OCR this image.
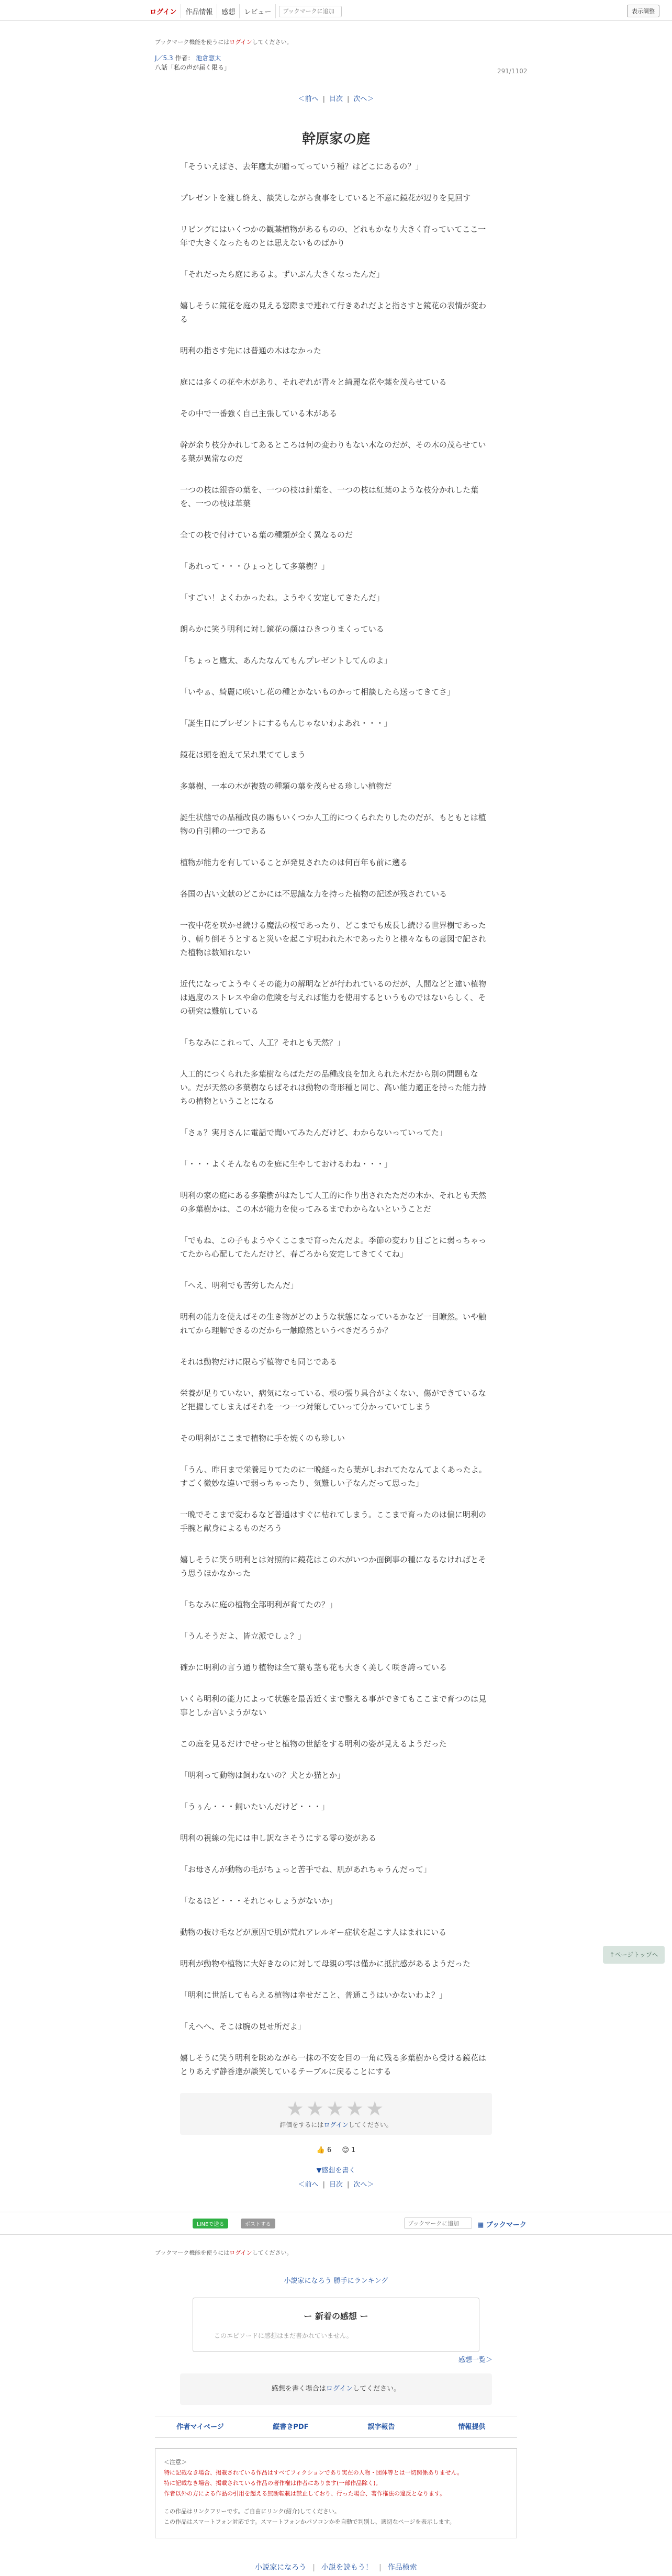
ログイン	作品情報	感想	レビュー
ブックマークに追加	表示調整
ブックマーク機能を使うにはログインしてください。
J／5.3 作者： 池倉惣太
八話「私の声が届く限る」
＜前へ | 目次 | 次へ＞
291/1102
幹原家の庭

「そういえばさ、去年鷹太が贈ってっていう種？はどこにあるの？」

プレゼントを渡し終え、談笑しながら食事をしていると不意に鏡花が辺りを見回す

リビングにはいくつかの観葉植物があるものの、どれもかなり大きく育っていてここ一年で大きくなったものとは思えないものばかり

「それだったら庭にあるよ。ずいぶん大きくなったんだ」

嬉しそうに鏡花を庭の見える窓際まで連れて行きあれだよと指さすと鏡花の表情が変わる

明利の指さす先には普通の木はなかった

庭には多くの花や木があり、それぞれが青々と綺麗な花や葉を茂らせている

その中で一番強く自己主張している木がある

幹が余り枝分かれしてあるところは何の変わりもない木なのだが、その木の茂らせている葉が異常なのだ

一つの枝は銀杏の葉を、一つの枝は針葉を、一つの枝は紅葉のような枝分かれした葉を、一つの枝は革葉

全ての枝で付けている葉の種類が全く異なるのだ

「あれって・・・ひょっとして多葉樹？」

「すごい！よくわかったね。ようやく安定してきたんだ」

朗らかに笑う明利に対し鏡花の顔はひきつりまくっている

「ちょっと鷹太、あんたなんてもんプレゼントしてんのよ」

「いやぁ、綺麗に咲いし花の種とかないものかって相談したら送ってきてさ」

「誕生日にプレゼントにするもんじゃないわよあれ・・・」

鏡花は頭を抱えて呆れ果ててしまう

多葉樹、一本の木が複数の種類の葉を茂らせる珍しい植物だ

誕生状態での品種改良の賜もいくつか人工的につくられたりしたのだが、もともとは植物の自引種の一つである

植物が能力を有していることが発見されたのは何百年も前に遡る

各国の古い文献のどこかには不思議な力を持った植物の記述が残されている

一夜中花を咲かせ続ける魔法の桜であったり、どこまでも成長し続ける世界樹であったり、斬り倒そうとすると災いを起こす呪われた木であったりと様々なもの意図で記された植物は数知れない

近代になってようやくその能力の解明などが行われているのだが、人間などと違い植物は過度のストレスや命の危険を与えれば能力を使用するというものではないらしく、その研究は難航している

「ちなみにこれって、人工？それとも天然？」

人工的につくられた多葉樹ならばただの品種改良を加えられた木だから別の問題もない。だが天然の多葉樹ならばそれは動物の奇形種と同じ、高い能力適正を持った能力持ちの植物ということになる

「さぁ？実月さんに電話で聞いてみたんだけど、わからないっていってた」

「・・・よくそんなものを庭に生やしておけるわね・・・」

明利の家の庭にある多葉樹がはたして人工的に作り出されたただの木か、それとも天然の多葉樹かは、この木が能力を使ってみるまでわからないということだ

「でもね、この子もようやくここまで育ったんだよ。季節の変わり目ごとに弱っちゃってたから心配してたんだけど、春ごろから安定してきてくてね」

「へえ、明利でも苦労したんだ」

明利の能力を使えばその生き物がどのような状態になっているかなど一目瞭然。いや触れてから理解できるのだから一触瞭然というべきだろうか？

それは動物だけに限らず植物でも同じである

栄養が足りていない、病気になっている、根の張り具合がよくない、傷ができているなど把握してしまえばそれを一つ一つ対策していって分かっていてしまう

その明利がここまで植物に手を焼くのも珍しい

「うん、昨日まで栄養足りてたのに一晩経ったら葉がしおれてたなんてよくあったよ。すごく微妙な違いで弱っちゃったり、気難しい子なんだって思った」

一晩でそこまで変わるなど普通はすぐに枯れてしまう。ここまで育ったのは偏に明利の手腕と献身によるものだろう

嬉しそうに笑う明利とは対照的に鏡花はこの木がいつか面倒事の種になるなければとそう思うほかなかった

「ちなみに庭の植物全部明利が育てたの？」

「うんそうだよ、皆立派でしょ？」

確かに明利の言う通り植物は全て葉も茎も花も大きく美しく咲き誇っている

いくら明利の能力によって状態を最善近くまで整える事ができてもここまで育つのは見事としか言いようがない

この庭を見るだけでせっせと植物の世話をする明利の姿が見えるようだった

「明利って動物は飼わないの？犬とか猫とか」

「うぅん・・・飼いたいんだけど・・・」

明利の視線の先には申し訳なさそうにする零の姿がある

「お母さんが動物の毛がちょっと苦手でね、肌があれちゃうんだって」

「なるほど・・・それじゃしょうがないか」

動物の抜け毛などが原因で肌が荒れアレルギー症状を起こす人はまれにいる

明利が動物や植物に大好きなのに対して母親の零は僅かに抵抗感があるようだった

「明利に世話してもらえる植物は幸せだこと、普通こうはいかないわよ？」

「えへへ、そこは腕の見せ所だよ」

嬉しそうに笑う明利を眺めながら一抹の不安を目の一角に残る多葉樹から受ける鏡花はとりあえず静香達が談笑しているテーブルに戻ることにする

↑ページトップへ
★★★★★
評価をするにはログインしてください。
👍 6 😊 1
▼感想を書く
＜前へ | 目次 | 次へ＞
LINEで送る	ポストする
ブックマークに追加	▦ ブックマーク
ブックマーク機能を使うにはログインしてください。
小説家になろう 勝手にランキング
ー 新着の感想 ー
このエピソードに感想はまだ書かれていません。
感想一覧＞
感想を書く場合はログインしてください。
作者マイページ	縦書きPDF	誤字報告	情報提供
＜注意＞
特に記載なき場合、掲載されている作品はすべてフィクションであり実在の人物・団体等とは一切関係ありません。
特に記載なき場合、掲載されている作品の著作権は作者にあります(一部作品除く)。
作者以外の方による作品の引用を超える無断転載は禁止しており、行った場合、著作権法の違反となります。
この作品はリンクフリーです。ご自由にリンク(紹介)してください。
この作品はスマートフォン対応です。スマートフォンかパソコンかを自動で判別し、適切なページを表示します。
小説家になろう | 小説を読もう！ | 作品検索
